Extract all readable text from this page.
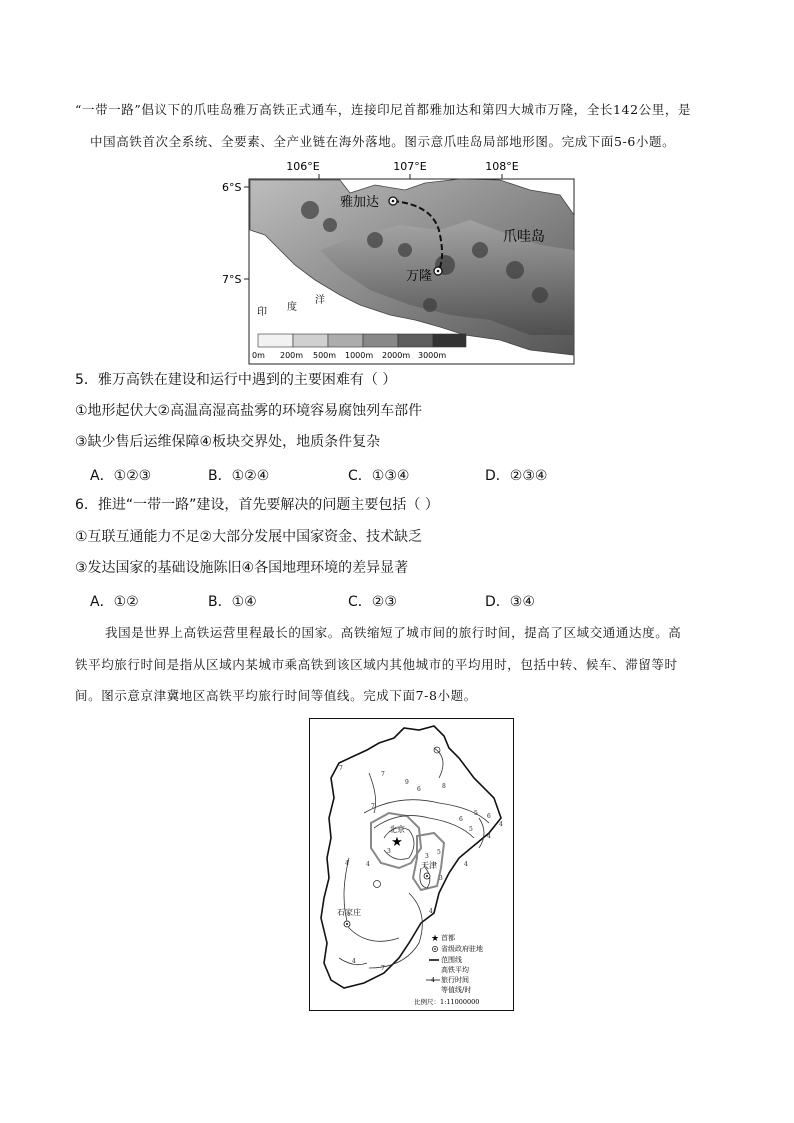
“一带一路”倡议下的爪哇岛雅万高铁正式通车，连接印尼首都雅加达和第四大城市万隆，全长142公里，是
中国高铁首次全系统、全要素、全产业链在海外落地。图示意爪哇岛局部地形图。完成下面5-6小题。
106°E	107°E	108°E
6°S
7°S
雅加达
万隆
爪哇岛
印 度
洋
0m 200m 500m 1000m 2000m 3000m
5．雅万高铁在建设和运行中遇到的主要困难有（ ）
①地形起伏大②高温高湿高盐雾的环境容易腐蚀列车部件
③缺少售后运维保障④板块交界处，地质条件复杂
A．①②③	B．①②④	C．①③④	D．②③④
6．推进“一带一路”建设，首先要解决的问题主要包括（ ）
①互联互通能力不足②大部分发展中国家资金、技术缺乏
③发达国家的基础设施陈旧④各国地理环境的差异显著
A．①②	B．①④	C．②③	D．③④
我国是世界上高铁运营里程最长的国家。高铁缩短了城市间的旅行时间，提高了区域交通通达度。高
铁平均旅行时间是指从区域内某城市乘高铁到该区域内其他城市的平均用时，包括中转、候车、滞留等时
间。图示意京津冀地区高铁平均旅行时间等值线。完成下面7-8小题。
7
7
9
8
7
6
5 6
5
4
3
3
4	4
5
4
3
4
4
4
6
7
★
北京
天津
石家庄
★ 首都
省级政府驻地
范围线
高铁平均
4 旅行时间
等值线/时
比例尺：1:11000000
